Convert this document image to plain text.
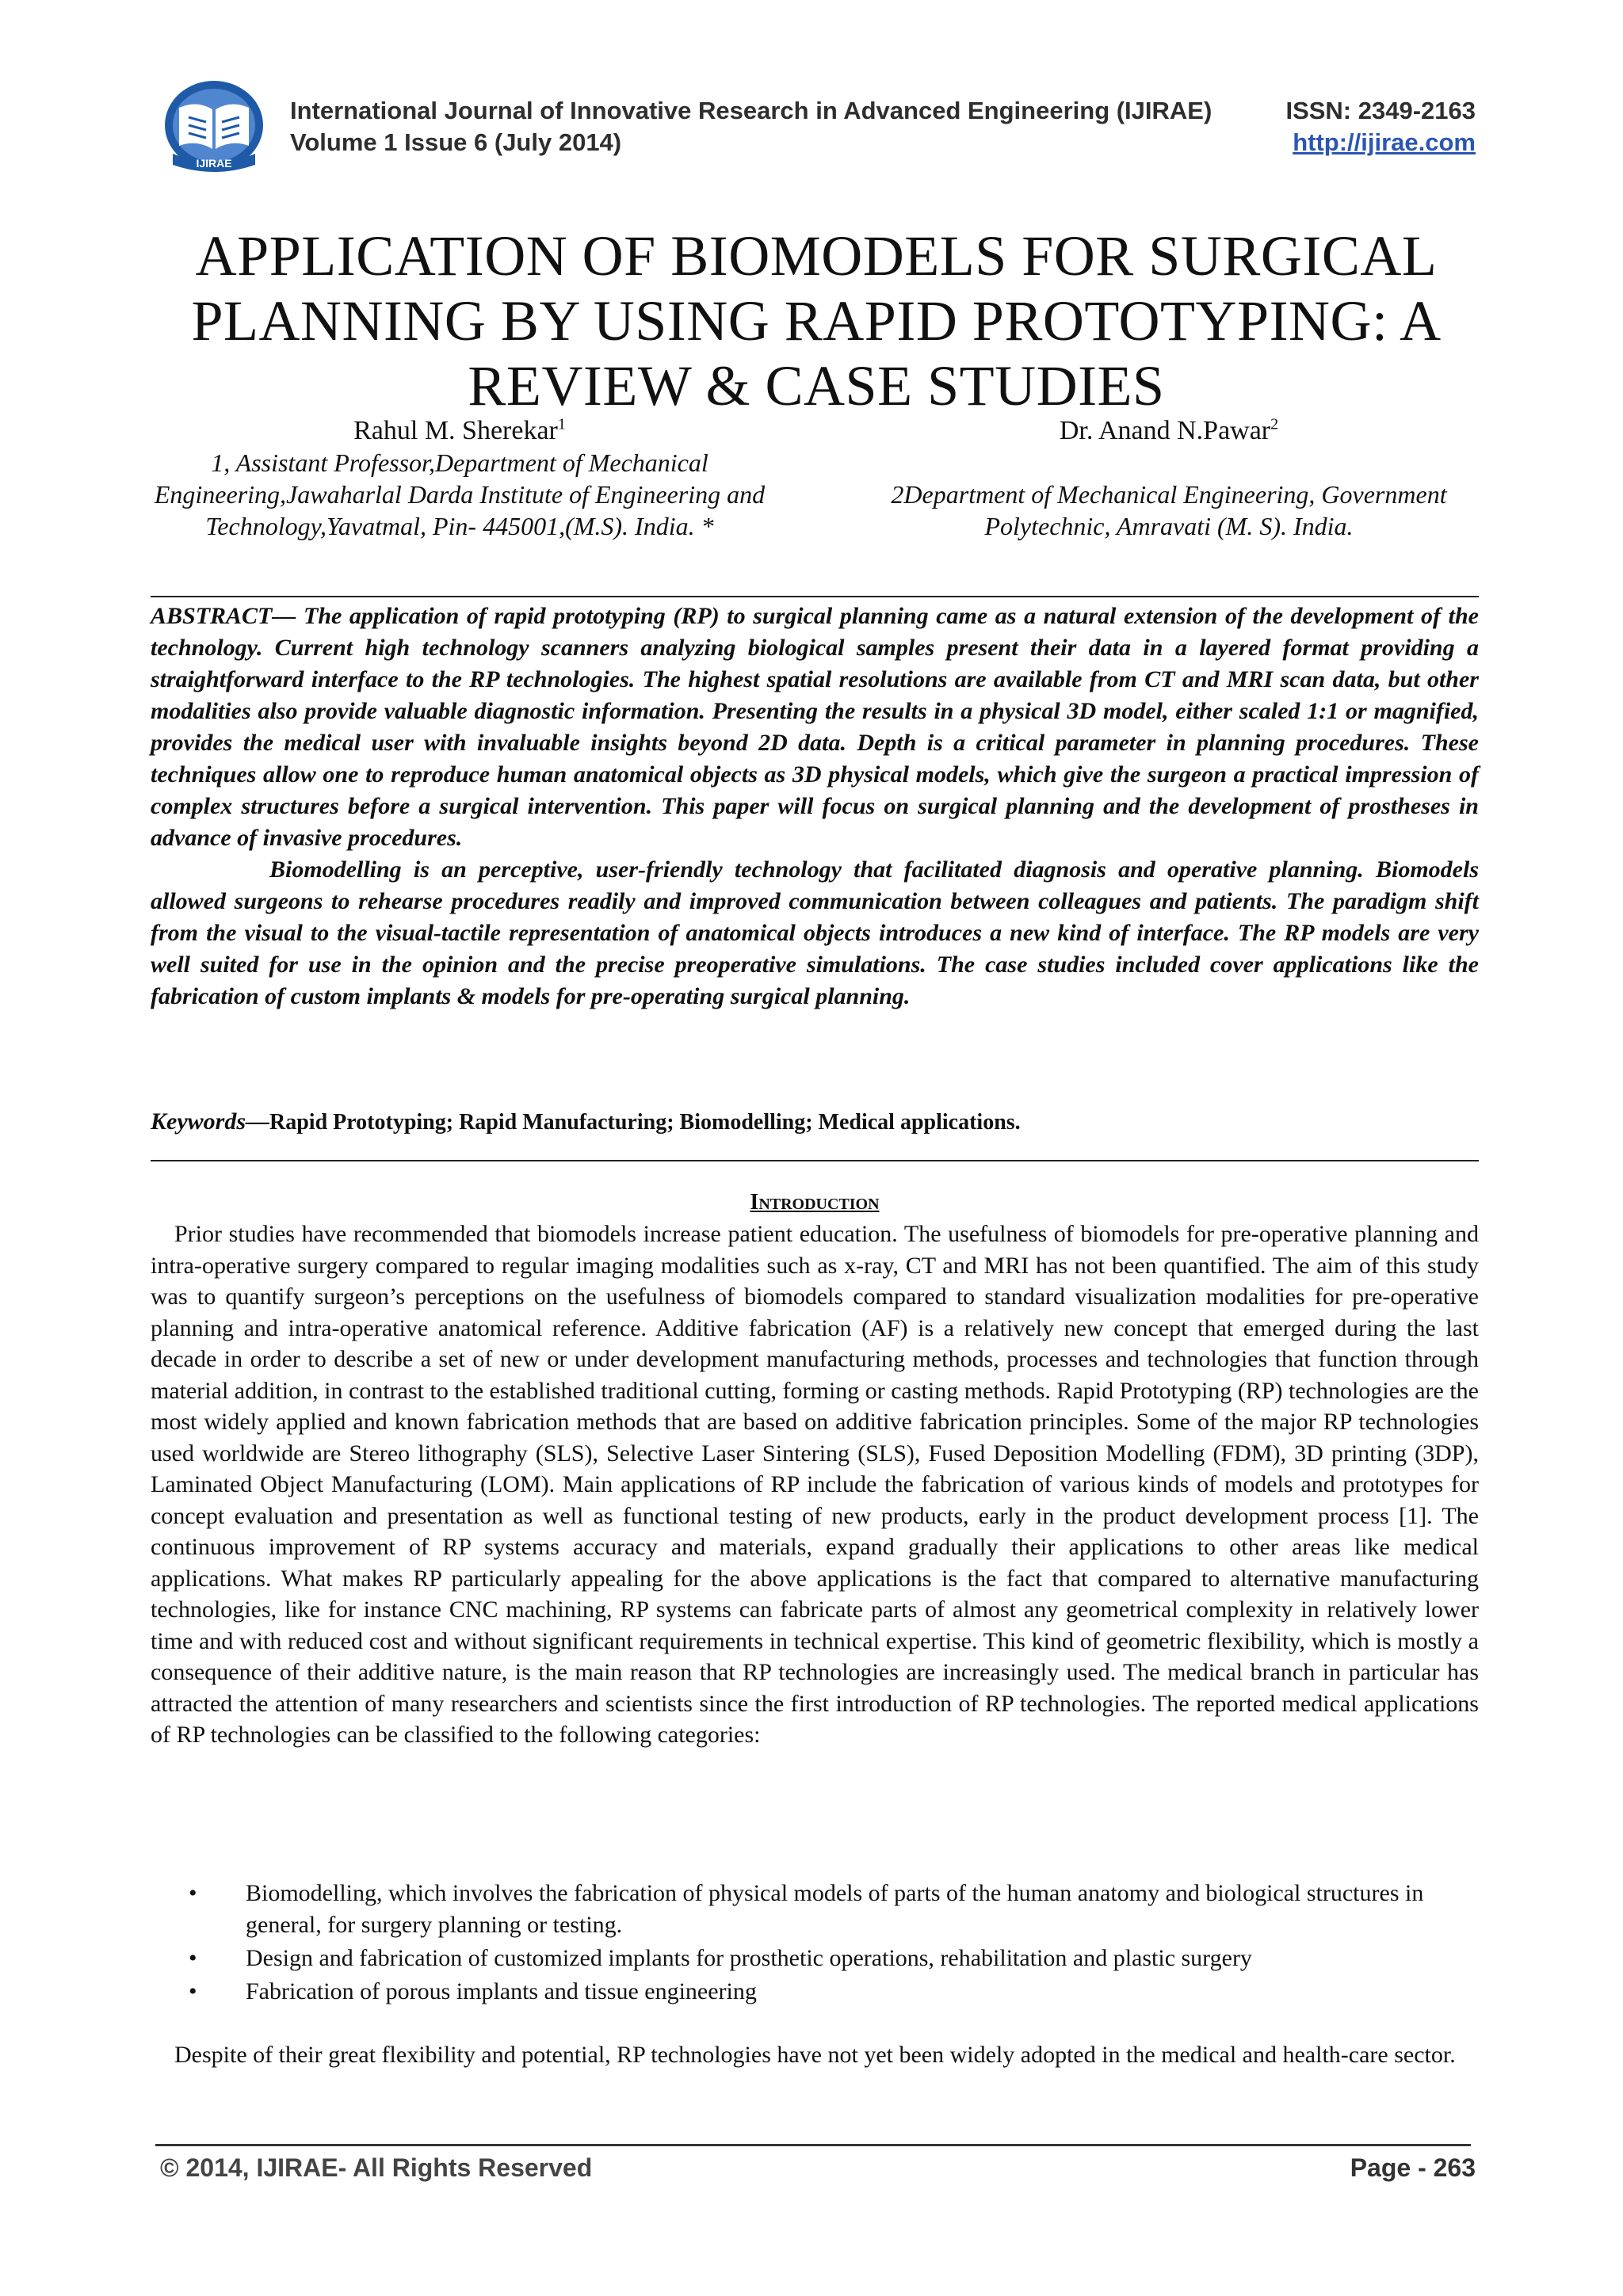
IJIRAE
International Journal of Innovative Research in Advanced Engineering (IJIRAE)	ISSN: 2349-2163
Volume 1 Issue 6 (July 2014)	http://ijirae.com
APPLICATION OF BIOMODELS FOR SURGICAL PLANNING BY USING RAPID PROTOTYPING: A REVIEW & CASE STUDIES
Rahul M. Sherekar$^1$
1, Assistant Professor,Department of Mechanical Engineering,Jawaharlal Darda Institute of Engineering and Technology,Yavatmal, Pin- 445001,(M.S). India. *
Dr. Anand N.Pawar$^2$
2Department of Mechanical Engineering, Government Polytechnic, Amravati (M. S). India.

ABSTRACT— The application of rapid prototyping (RP) to surgical planning came as a natural extension of the development of the technology. Current high technology scanners analyzing biological samples present their data in a layered format providing a straightforward interface to the RP technologies. The highest spatial resolutions are available from CT and MRI scan data, but other modalities also provide valuable diagnostic information. Presenting the results in a physical 3D model, either scaled 1:1 or magnified, provides the medical user with invaluable insights beyond 2D data. Depth is a critical parameter in planning procedures. These techniques allow one to reproduce human anatomical objects as 3D physical models, which give the surgeon a practical impression of complex structures before a surgical intervention. This paper will focus on surgical planning and the development of prostheses in advance of invasive procedures.

Biomodelling is an perceptive, user-friendly technology that facilitated diagnosis and operative planning. Biomodels allowed surgeons to rehearse procedures readily and improved communication between colleagues and patients. The paradigm shift from the visual to the visual-tactile representation of anatomical objects introduces a new kind of interface. The RP models are very well suited for use in the opinion and the precise preoperative simulations. The case studies included cover applications like the fabrication of custom implants & models for pre-operating surgical planning.

Keywords—Rapid Prototyping; Rapid Manufacturing; Biomodelling; Medical applications.
Introduction

Prior studies have recommended that biomodels increase patient education. The usefulness of biomodels for pre-operative planning and intra-operative surgery compared to regular imaging modalities such as x-ray, CT and MRI has not been quantified. The aim of this study was to quantify surgeon’s perceptions on the usefulness of biomodels compared to standard visualization modalities for pre-operative planning and intra-operative anatomical reference. Additive fabrication (AF) is a relatively new concept that emerged during the last decade in order to describe a set of new or under development manufacturing methods, processes and technologies that function through material addition, in contrast to the established traditional cutting, forming or casting methods. Rapid Prototyping (RP) technologies are the most widely applied and known fabrication methods that are based on additive fabrication principles. Some of the major RP technologies used worldwide are Stereo lithography (SLS), Selective Laser Sintering (SLS), Fused Deposition Modelling (FDM), 3D printing (3DP), Laminated Object Manufacturing (LOM). Main applications of RP include the fabrication of various kinds of models and prototypes for concept evaluation and presentation as well as functional testing of new products, early in the product development process [1]. The continuous improvement of RP systems accuracy and materials, expand gradually their applications to other areas like medical applications. What makes RP particularly appealing for the above applications is the fact that compared to alternative manufacturing technologies, like for instance CNC machining, RP systems can fabricate parts of almost any geometrical complexity in relatively lower time and with reduced cost and without significant requirements in technical expertise. This kind of geometric flexibility, which is mostly a consequence of their additive nature, is the main reason that RP technologies are increasingly used. The medical branch in particular has attracted the attention of many researchers and scientists since the first introduction of RP technologies. The reported medical applications of RP technologies can be classified to the following categories:

• Biomodelling, which involves the fabrication of physical models of parts of the human anatomy and biological structures in general, for surgery planning or testing.
• Design and fabrication of customized implants for prosthetic operations, rehabilitation and plastic surgery
• Fabrication of porous implants and tissue engineering

Despite of their great flexibility and potential, RP technologies have not yet been widely adopted in the medical and health-care sector.

© 2014, IJIRAE- All Rights Reserved	Page - 263
